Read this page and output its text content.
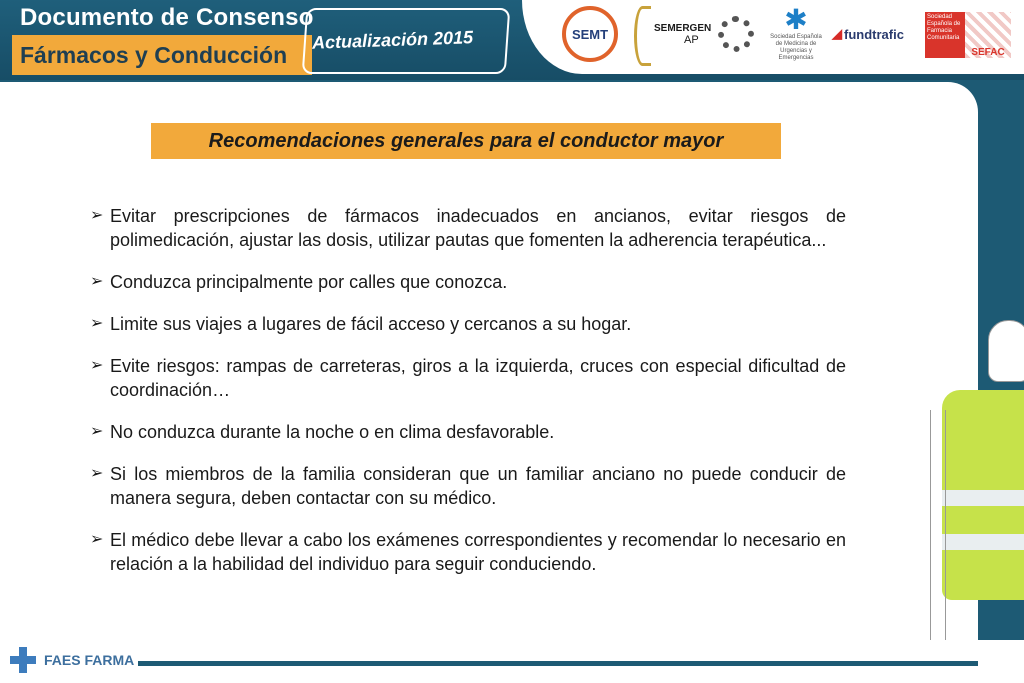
Documento de Consenso
Fármacos y Conducción
Actualización 2015	SEMT	SEMERGEN
AP
✱
Sociedad Española de Medicina de Urgencias y Emergencias
◢ fundtrafic
Sociedad Española de Farmacia Comunitaria
SEFAC
Recomendaciones generales para el conductor mayor
➢ Evitar prescripciones de fármacos inadecuados en ancianos, evitar riesgos de polimedicación, ajustar las dosis, utilizar pautas que fomenten la adherencia terapéutica...
➢ Conduzca principalmente por calles que conozca.
➢ Limite sus viajes a lugares de fácil acceso y cercanos a su hogar.
➢ Evite riesgos: rampas de carreteras, giros a la izquierda, cruces con especial dificultad de coordinación…
➢ No conduzca durante la noche o en clima desfavorable.
➢ Si los miembros de la familia consideran que un familiar anciano no puede conducir de manera segura, deben contactar con su médico.
➢ El médico debe llevar a cabo los exámenes correspondientes y recomendar lo necesario en relación a la habilidad del individuo para seguir conduciendo.
FAES FARMA
